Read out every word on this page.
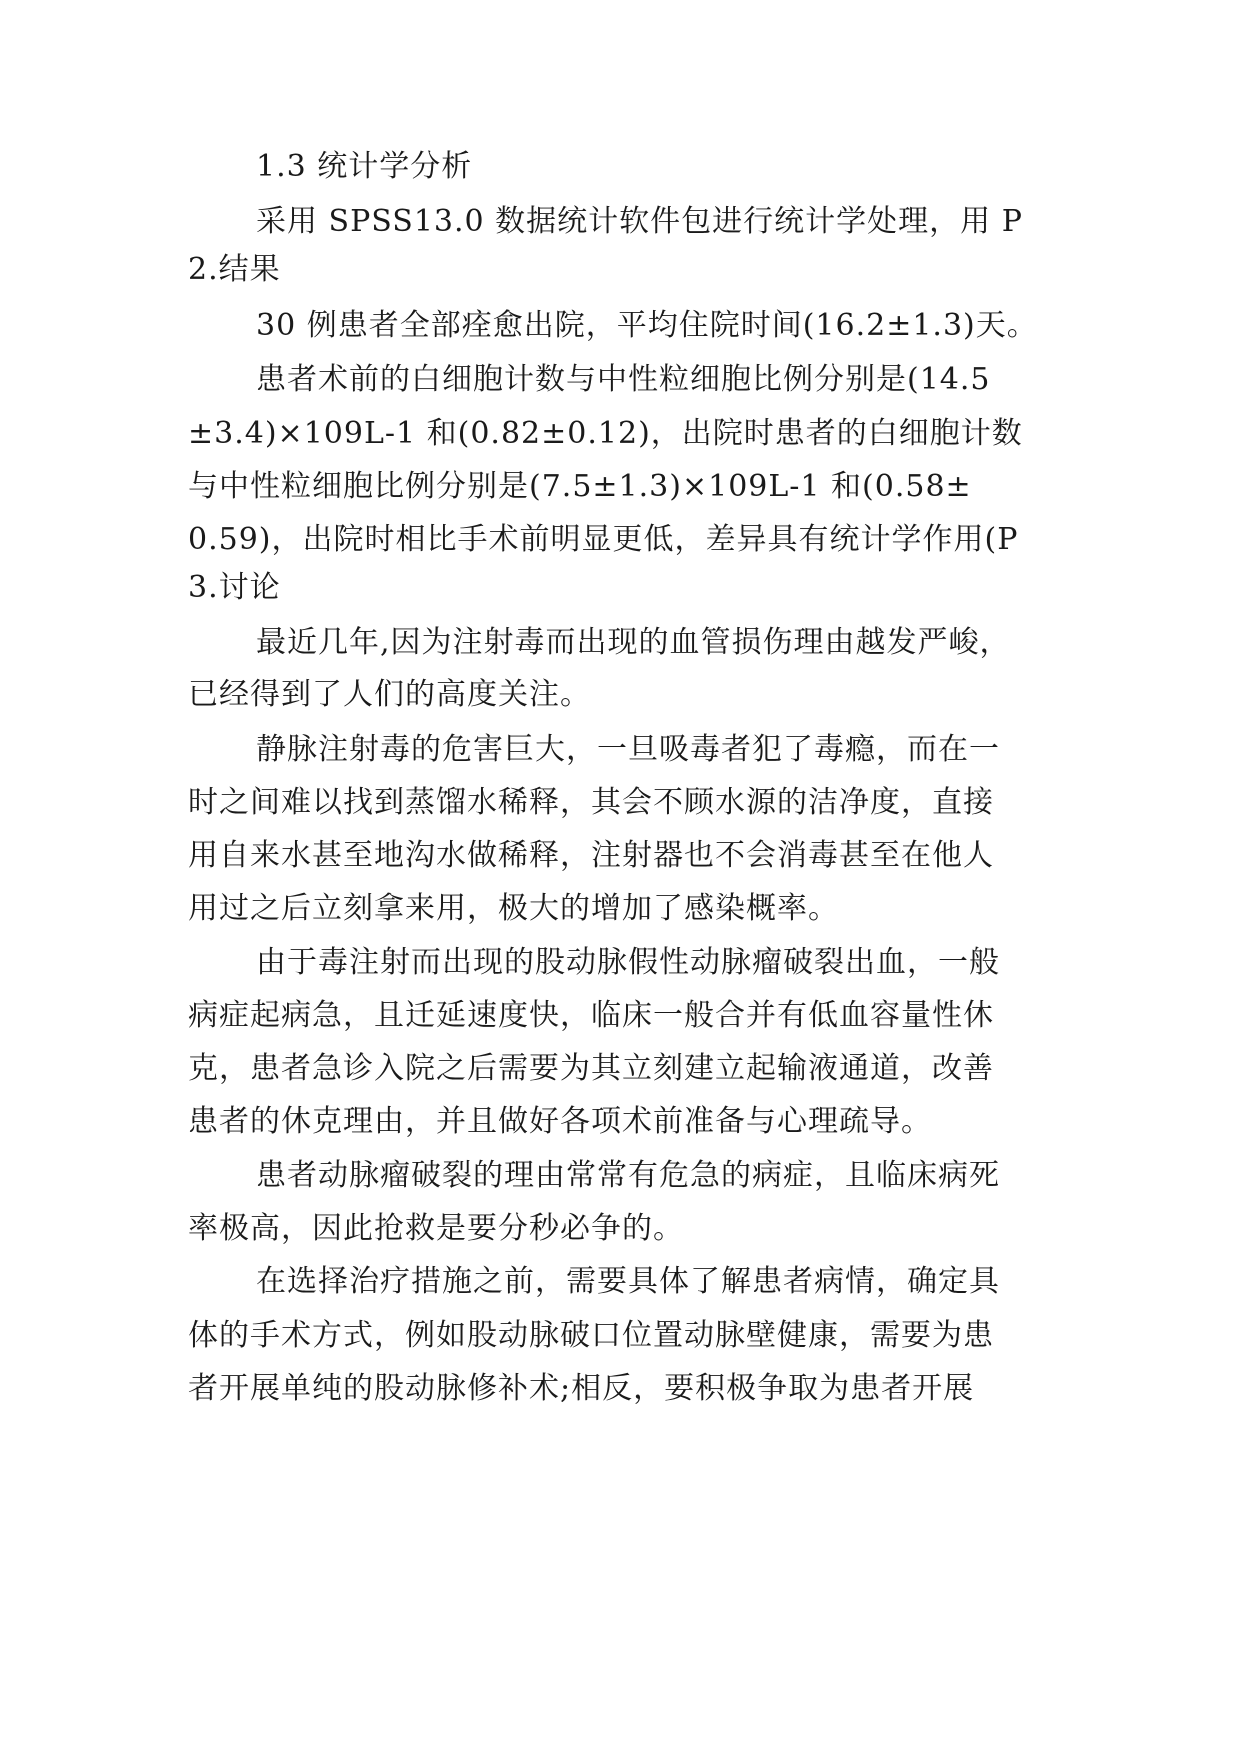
1.3 统计学分析
采用 SPSS13.0 数据统计软件包进行统计学处理，用 P
2.结果
30 例患者全部痊愈出院，平均住院时间(16.2±1.3)天。
患者术前的白细胞计数与中性粒细胞比例分别是(14.5
±3.4)×109L-1 和(0.82±0.12)，出院时患者的白细胞计数
与中性粒细胞比例分别是(7.5±1.3)×109L-1 和(0.58±
0.59)，出院时相比手术前明显更低，差异具有统计学作用(P
3.讨论
最近几年,因为注射毒而出现的血管损伤理由越发严峻，
已经得到了人们的高度关注。
静脉注射毒的危害巨大，一旦吸毒者犯了毒瘾，而在一
时之间难以找到蒸馏水稀释，其会不顾水源的洁净度，直接
用自来水甚至地沟水做稀释，注射器也不会消毒甚至在他人
用过之后立刻拿来用，极大的增加了感染概率。
由于毒注射而出现的股动脉假性动脉瘤破裂出血，一般
病症起病急，且迁延速度快，临床一般合并有低血容量性休
克，患者急诊入院之后需要为其立刻建立起输液通道，改善
患者的休克理由，并且做好各项术前准备与心理疏导。
患者动脉瘤破裂的理由常常有危急的病症，且临床病死
率极高，因此抢救是要分秒必争的。
在选择治疗措施之前，需要具体了解患者病情，确定具
体的手术方式，例如股动脉破口位置动脉壁健康，需要为患
者开展单纯的股动脉修补术;相反，要积极争取为患者开展
